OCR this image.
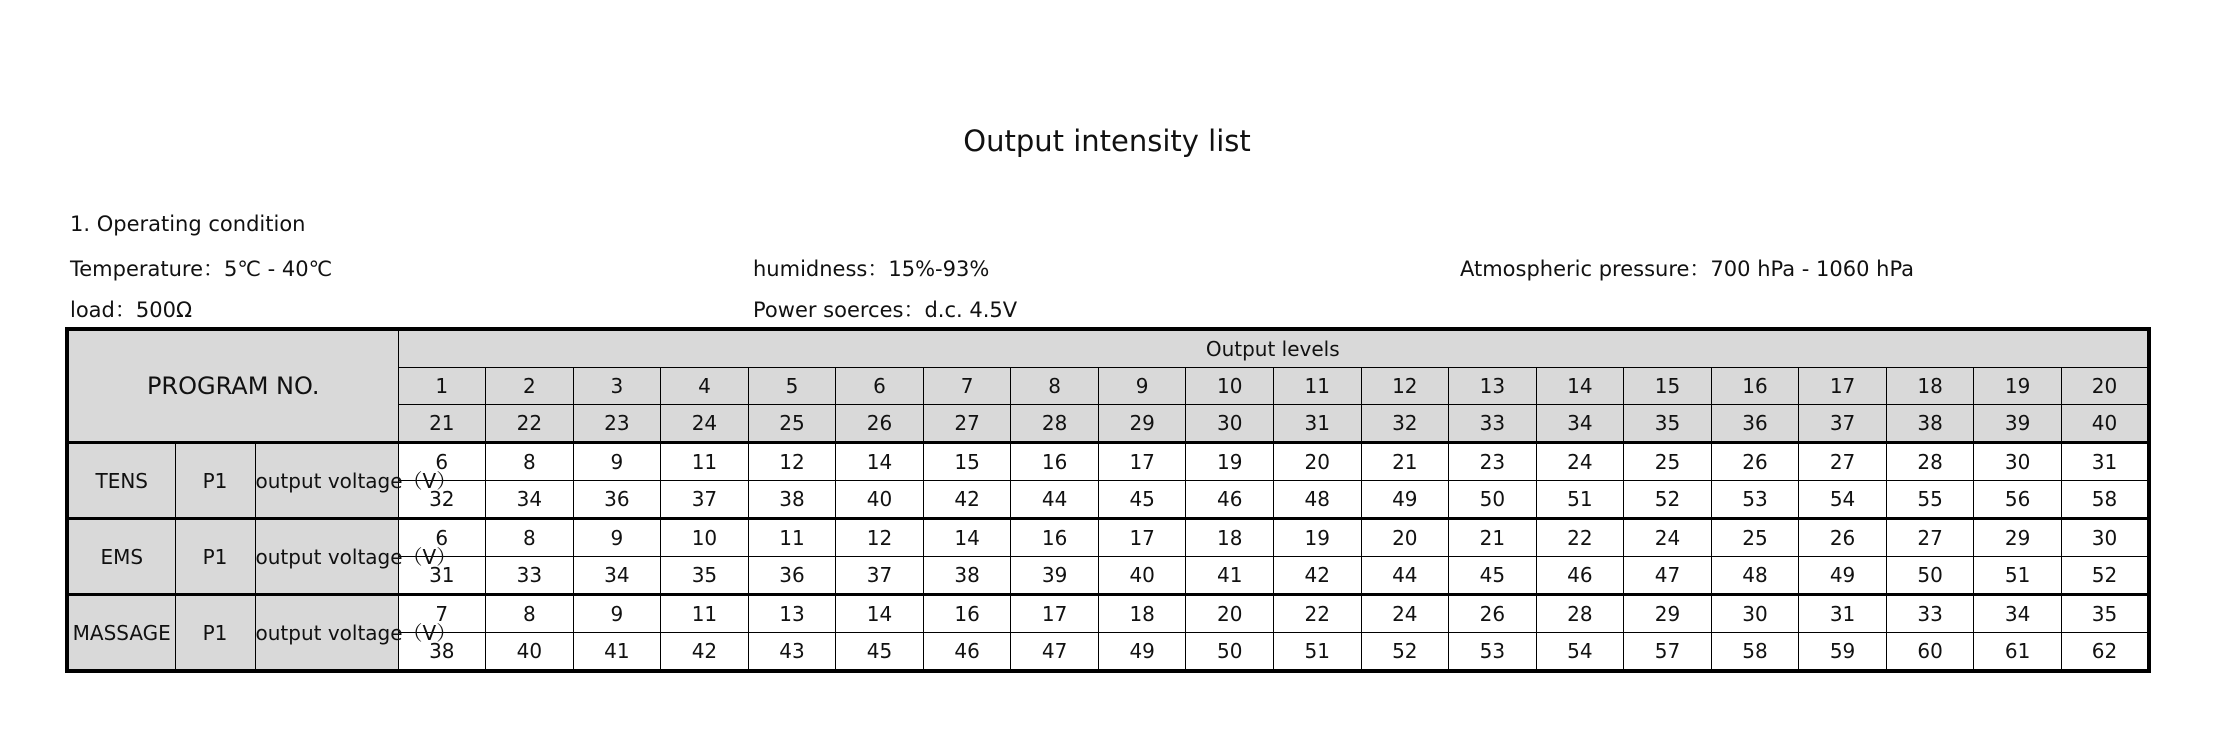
Output intensity list
1. Operating condition
Temperature：5℃ - 40℃	humidness：15%-93%	Atmospheric pressure：700 hPa - 1060 hPa
load：500Ω	Power soerces：d.c. 4.5V
PROGRAM NO.			Output levels																			
			1	2	3	4	5	6	7	8	9	10	11	12	13	14	15	16	17	18	19	20
			21	22	23	24	25	26	27	28	29	30	31	32	33	34	35	36	37	38	39	40
TENS	P1	output voltage（V）	6	8	9	11	12	14	15	16	17	19	20	21	23	24	25	26	27	28	30	31
			32	34	36	37	38	40	42	44	45	46	48	49	50	51	52	53	54	55	56	58
EMS	P1	output voltage（V）	6	8	9	10	11	12	14	16	17	18	19	20	21	22	24	25	26	27	29	30
			31	33	34	35	36	37	38	39	40	41	42	44	45	46	47	48	49	50	51	52
MASSAGE	P1	output voltage（V）	7	8	9	11	13	14	16	17	18	20	22	24	26	28	29	30	31	33	34	35
			38	40	41	42	43	45	46	47	49	50	51	52	53	54	57	58	59	60	61	62
